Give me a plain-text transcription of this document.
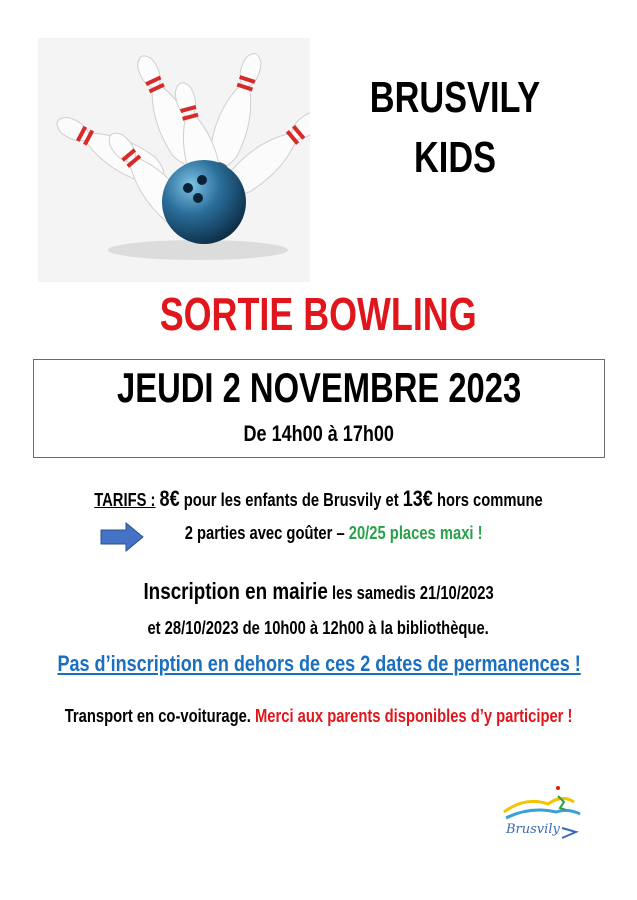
BRUSVILY
KIDS
SORTIE BOWLING
JEUDI 2 NOVEMBRE 2023
De 14h00 à 17h00
TARIFS : 8€ pour les enfants de Brusvily et 13€ hors commune
2 parties avec goûter – 20/25 places maxi !
Inscription en mairie les samedis 21/10/2023
et 28/10/2023 de 10h00 à 12h00 à la bibliothèque.
Pas d’inscription en dehors de ces 2 dates de permanences !
Transport en co-voiturage. Merci aux parents disponibles d’y participer !
Brusvily
